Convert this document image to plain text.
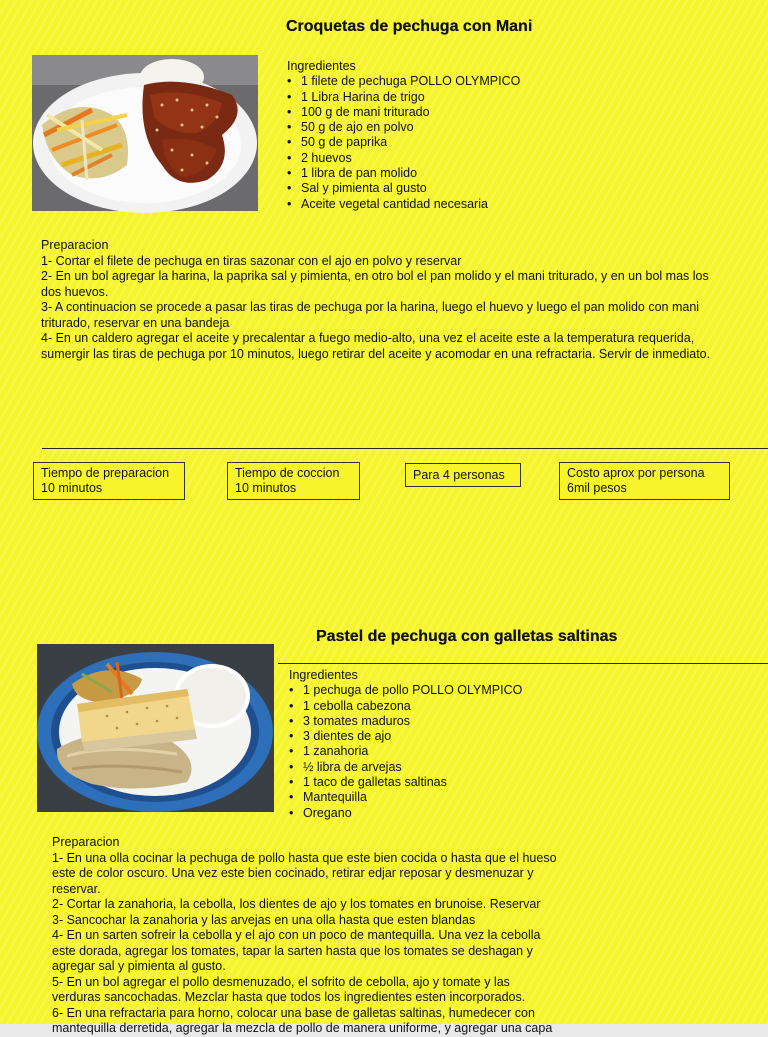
Croquetas de pechuga con Mani
Ingredientes
• 1 filete de pechuga POLLO OLYMPICO
• 1 Libra Harina de trigo
• 100 g de mani triturado
• 50 g de ajo en polvo
• 50 g de paprika
• 2 huevos
• 1 libra de pan molido
• Sal y pimienta al gusto
• Aceite vegetal cantidad necesaria
Preparacion
1- Cortar el filete de pechuga en tiras sazonar con el ajo en polvo y reservar
2- En un bol agregar la harina, la paprika sal y pimienta, en otro bol el pan molido y el mani triturado, y en un bol mas los dos huevos.
3- A continuacion se procede a pasar las tiras de pechuga por la harina, luego el huevo y luego el pan molido con mani triturado, reservar en una bandeja
4- En un caldero agregar el aceite y precalentar a fuego medio-alto, una vez el aceite este a la temperatura requerida, sumergir las tiras de pechuga por 10 minutos, luego retirar del aceite y acomodar en una refractaria. Servir de inmediato.
Tiempo de preparacion
10 minutos
Tiempo de coccion
10 minutos
Para 4 personas	Costo aprox por persona
6mil pesos
Pastel de pechuga con galletas saltinas
Ingredientes
• 1 pechuga de pollo POLLO OLYMPICO
• 1 cebolla cabezona
• 3 tomates maduros
• 3 dientes de ajo
• 1 zanahoria
• ½ libra de arvejas
• 1 taco de galletas saltinas
• Mantequilla
• Oregano
Preparacion
1- En una olla cocinar la pechuga de pollo hasta que este bien cocida o hasta que el hueso este de color oscuro. Una vez este bien cocinado, retirar edjar reposar y desmenuzar y reservar.
2- Cortar la zanahoria, la cebolla, los dientes de ajo y los tomates en brunoise. Reservar
3- Sancochar la zanahoria y las arvejas en una olla hasta que esten blandas
4- En un sarten sofreir la cebolla y el ajo con un poco de mantequilla. Una vez la cebolla este dorada, agregar los tomates, tapar la sarten hasta que los tomates se deshagan y agregar sal y pimienta al gusto.
5- En un bol agregar el pollo desmenuzado, el sofrito de cebolla, ajo y tomate y las verduras sancochadas. Mezclar hasta que todos los ingredientes esten incorporados.
6- En una refractaria para horno, colocar una base de galletas saltinas, humedecer con mantequilla derretida, agregar la mezcla de pollo de manera uniforme, y agregar una capa
